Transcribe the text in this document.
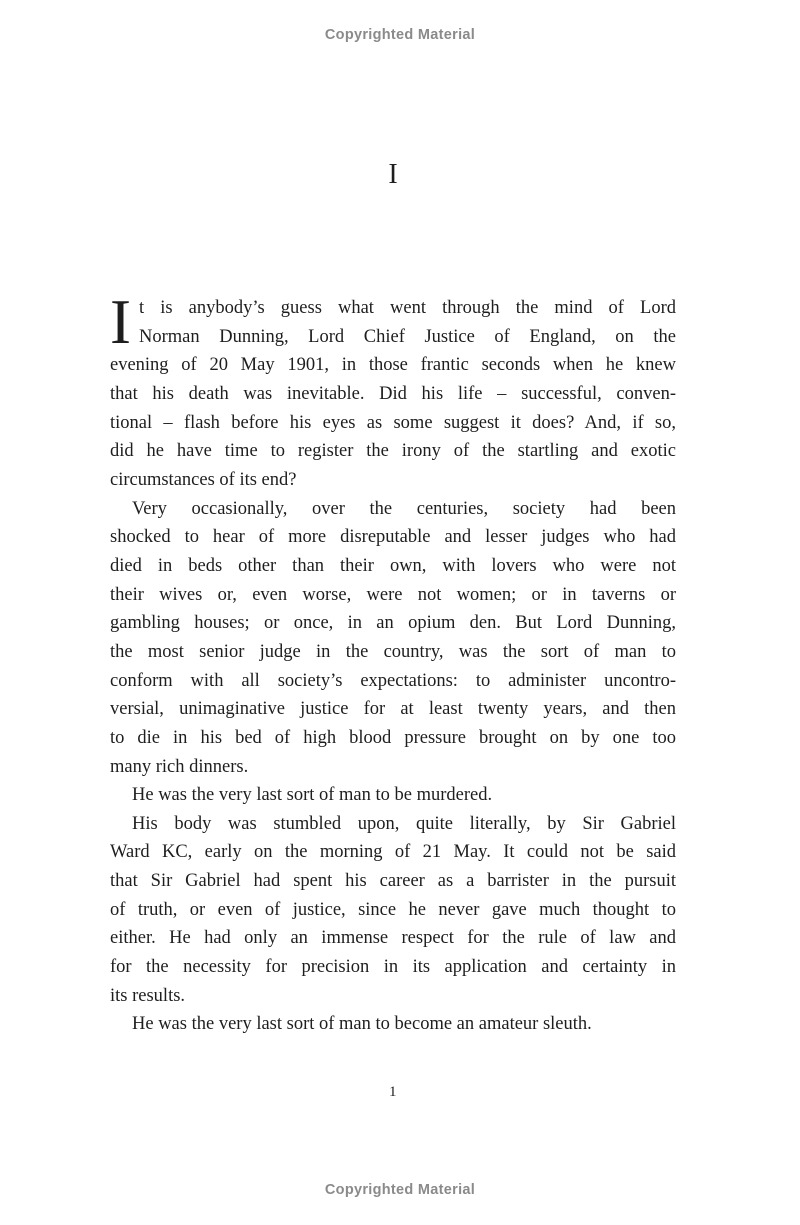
Copyrighted Material
I
I t is anybody’s guess what went through the mind of Lord
Norman Dunning, Lord Chief Justice of England, on the
evening of 20 May 1901, in those frantic seconds when he knew
that his death was inevitable. Did his life – successful, conven-
tional – flash before his eyes as some suggest it does? And, if so,
did he have time to register the irony of the startling and exotic
circumstances of its end?
Very occasionally, over the centuries, society had been
shocked to hear of more disreputable and lesser judges who had
died in beds other than their own, with lovers who were not
their wives or, even worse, were not women; or in taverns or
gambling houses; or once, in an opium den. But Lord Dunning,
the most senior judge in the country, was the sort of man to
conform with all society’s expectations: to administer uncontro-
versial, unimaginative justice for at least twenty years, and then
to die in his bed of high blood pressure brought on by one too
many rich dinners.
He was the very last sort of man to be murdered.
His body was stumbled upon, quite literally, by Sir Gabriel
Ward KC, early on the morning of 21 May. It could not be said
that Sir Gabriel had spent his career as a barrister in the pursuit
of truth, or even of justice, since he never gave much thought to
either. He had only an immense respect for the rule of law and
for the necessity for precision in its application and certainty in
its results.
He was the very last sort of man to become an amateur sleuth.
1
Copyrighted Material
